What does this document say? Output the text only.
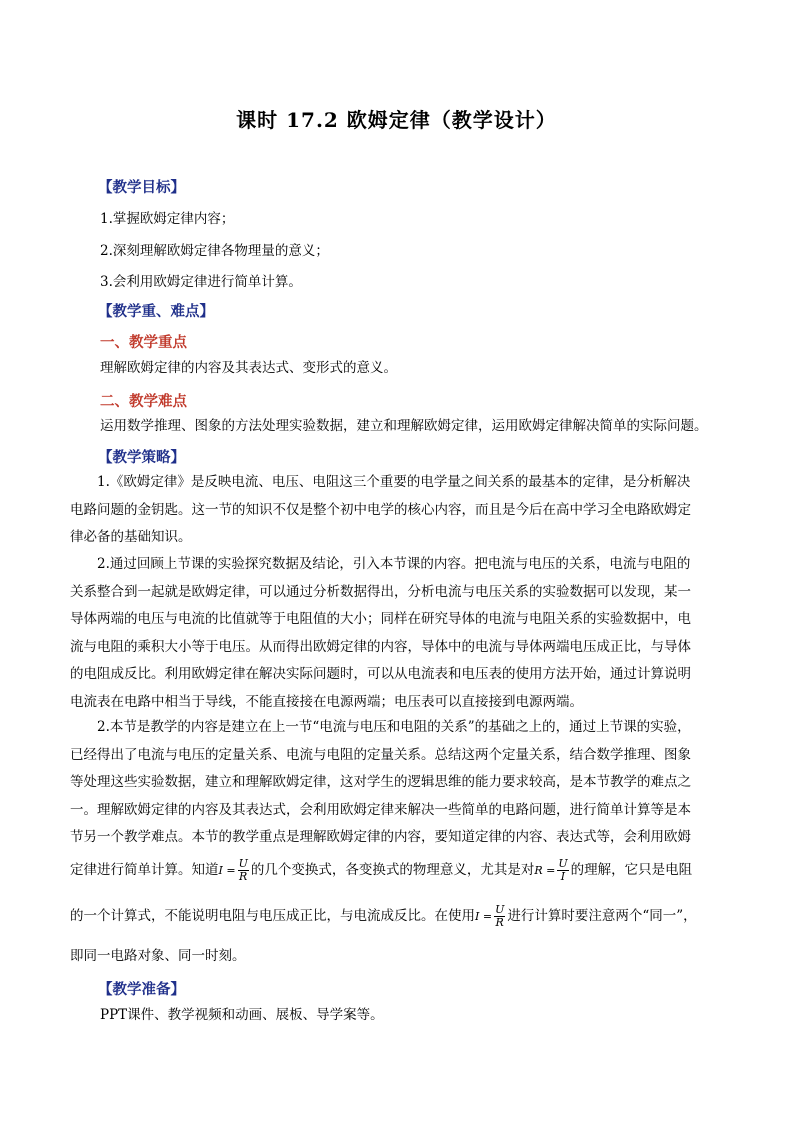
课时 17.2 欧姆定律（教学设计）
【教学目标】
1.掌握欧姆定律内容；
2.深刻理解欧姆定律各物理量的意义；
3.会利用欧姆定律进行简单计算。
【教学重、难点】
一、教学重点
理解欧姆定律的内容及其表达式、变形式的意义。
二、教学难点
运用数学推理、图象的方法处理实验数据，建立和理解欧姆定律，运用欧姆定律解决简单的实际问题。
【教学策略】
　　1.《欧姆定律》是反映电流、电压、电阻这三个重要的电学量之间关系的最基本的定律，是分析解决
电路问题的金钥匙。这一节的知识不仅是整个初中电学的核心内容，而且是今后在高中学习全电路欧姆定
律必备的基础知识。
　　2.通过回顾上节课的实验探究数据及结论，引入本节课的内容。把电流与电压的关系，电流与电阻的
关系整合到一起就是欧姆定律，可以通过分析数据得出，分析电流与电压关系的实验数据可以发现，某一
导体两端的电压与电流的比值就等于电阻值的大小；同样在研究导体的电流与电阻关系的实验数据中，电
流与电阻的乘积大小等于电压。从而得出欧姆定律的内容，导体中的电流与导体两端电压成正比，与导体
的电阻成反比。利用欧姆定律在解决实际问题时，可以从电流表和电压表的使用方法开始，通过计算说明
电流表在电路中相当于导线，不能直接接在电源两端；电压表可以直接接到电源两端。
　　2.本节是教学的内容是建立在上一节“电流与电压和电阻的关系”的基础之上的，通过上节课的实验，
已经得出了电流与电压的定量关系、电流与电阻的定量关系。总结这两个定量关系，结合数学推理、图象
等处理这些实验数据，建立和理解欧姆定律，这对学生的逻辑思维的能力要求较高，是本节教学的难点之
一。理解欧姆定律的内容及其表达式，会利用欧姆定律来解决一些简单的电路问题，进行简单计算等是本
节另一个教学难点。本节的教学重点是理解欧姆定律的内容，要知道定律的内容、表达式等，会利用欧姆
定律进行简单计算。知道$I = \frac{U}{R}$ 的几个变换式，各变换式的物理意义，尤其是对$R = \frac{U}{I}$ 的理解，它只是电阻
的一个计算式，不能说明电阻与电压成正比，与电流成反比。在使用$I = \frac{U}{R}$ 进行计算时要注意两个“同一”，
即同一电路对象、同一时刻。
【教学准备】
PPT课件、教学视频和动画、展板、导学案等。
